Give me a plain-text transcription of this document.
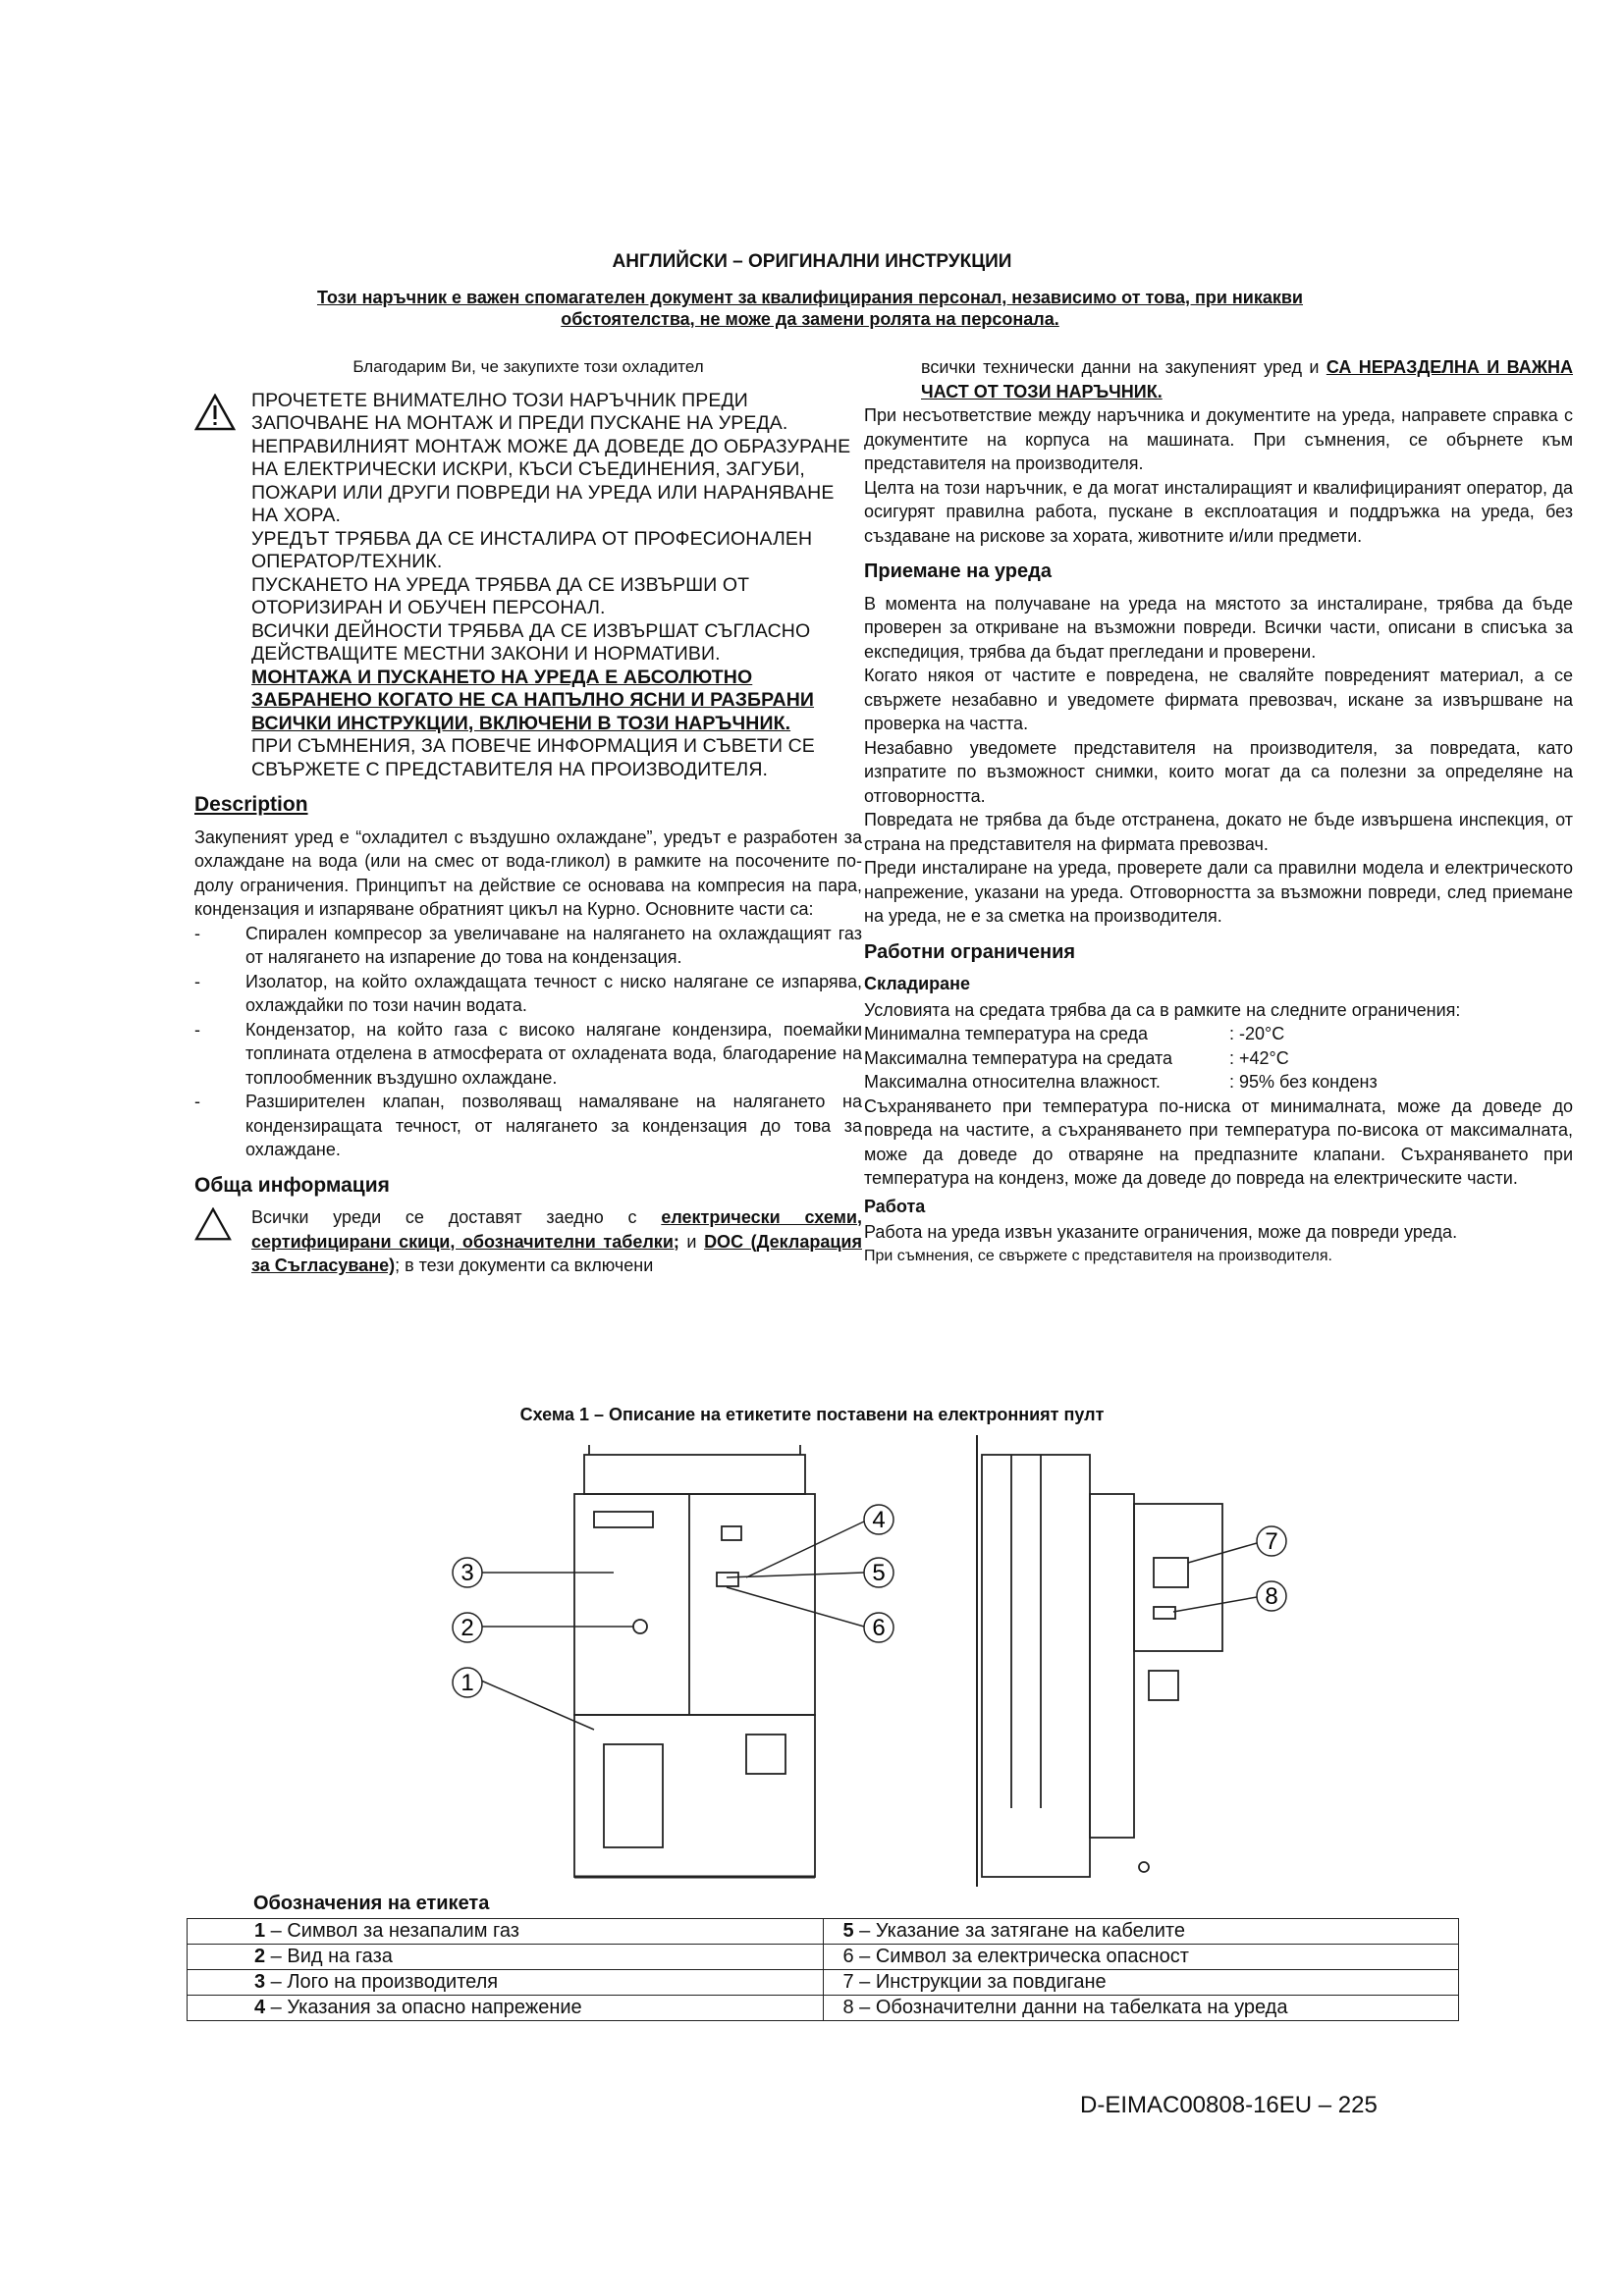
АНГЛИЙСКИ – ОРИГИНАЛНИ ИНСТРУКЦИИ
Този наръчник е важен спомагателен документ за квалифицирания персонал, независимо от това, при никакви
обстоятелства, не може да замени ролята на персонала.

Благодарим Ви, че закупихте този охладител

ПРОЧЕТЕТЕ ВНИМАТЕЛНО ТОЗИ НАРЪЧНИК ПРЕДИ ЗАПОЧВАНЕ НА МОНТАЖ И ПРЕДИ ПУСКАНЕ НА УРЕДА. НЕПРАВИЛНИЯТ МОНТАЖ МОЖЕ ДА ДОВЕДЕ ДО ОБРАЗУРАНЕ НА ЕЛЕКТРИЧЕСКИ ИСКРИ, КЪСИ СЪЕДИНЕНИЯ, ЗАГУБИ, ПОЖАРИ ИЛИ ДРУГИ ПОВРЕДИ НА УРЕДА ИЛИ НАРАНЯВАНЕ НА ХОРА.

УРЕДЪТ ТРЯБВА ДА СЕ ИНСТАЛИРА ОТ ПРОФЕСИОНАЛЕН ОПЕРАТОР/ТЕХНИК.

ПУСКАНЕТО НА УРЕДА ТРЯБВА ДА СЕ ИЗВЪРШИ ОТ ОТОРИЗИРАН И ОБУЧЕН ПЕРСОНАЛ.

ВСИЧКИ ДЕЙНОСТИ ТРЯБВА ДА СЕ ИЗВЪРШАТ СЪГЛАСНО ДЕЙСТВАЩИТЕ МЕСТНИ ЗАКОНИ И НОРМАТИВИ.

МОНТАЖА И ПУСКАНЕТО НА УРЕДА Е АБСОЛЮТНО ЗАБРАНЕНО КОГАТО НЕ СА НАПЪЛНО ЯСНИ И РАЗБРАНИ ВСИЧКИ ИНСТРУКЦИИ, ВКЛЮЧЕНИ В ТОЗИ НАРЪЧНИК.

ПРИ СЪМНЕНИЯ, ЗА ПОВЕЧЕ ИНФОРМАЦИЯ И СЪВЕТИ СЕ СВЪРЖЕТЕ С ПРЕДСТАВИТЕЛЯ НА ПРОИЗВОДИТЕЛЯ.

Description

Закупеният уред е “охладител с въздушно охлаждане”, уредът е разработен за охлаждане на вода (или на смес от вода-гликол) в рамките на посочените по-долу ограничения. Принципът на действие се основава на компресия на пара, кондензация и изпаряване обратният цикъл на Курно. Основните части са:

- Спирален компресор за увеличаване на налягането на охлаждащият газ от налягането на изпарение до това на кондензация.
- Изолатор, на който охлаждащата течност с ниско налягане се изпарява, охлаждайки по този начин водата.
- Кондензатор, на който газа с високо налягане кондензира, поемайки топлината отделена в атмосферата от охладената вода, благодарение на топлообменник въздушно охлаждане.
- Разширителен клапан, позволяващ намаляване на налягането на кондензиращата течност, от налягането за кондензация до това за охлаждане.
Обща информация
Всички уреди се доставят заедно с електрически схеми, сертифицирани скици, обозначителни табелки; и DOC (Декларация за Съгласуване); в тези документи са включени

всички технически данни на закупеният уред и СА НЕРАЗДЕЛНА И ВАЖНА ЧАСТ ОТ ТОЗИ НАРЪЧНИК.

При несъответствие между наръчника и документите на уреда, направете справка с документите на корпуса на машината. При съмнения, се обърнете към представителя на производителя.

Целта на този наръчник, е да могат инсталиращият и квалифицираният оператор, да осигурят правилна работа, пускане в експлоатация и поддръжка на уреда, без създаване на рискове за хората, животните и/или предмети.

Приемане на уреда

В момента на получаване на уреда на мястото за инсталиране, трябва да бъде проверен за откриване на възможни повреди. Всички части, описани в списъка за експедиция, трябва да бъдат прегледани и проверени.

Когато някоя от частите е повредена, не сваляйте повреденият материал, а се свържете незабавно и уведомете фирмата превозвач, искане за извършване на проверка на частта.

Незабавно уведомете представителя на производителя, за повредата, като изпратите по възможност снимки, които могат да са полезни за определяне на отговорността.

Повредата не трябва да бъде отстранена, докато не бъде извършена инспекция, от страна на представителя на фирмата превозвач.

Преди инсталиране на уреда, проверете дали са правилни модела и електрическото напрежение, указани на уреда. Отговорността за възможни повреди, след приемане на уреда, не е за сметка на производителя.

Работни ограничения
Складиране

Условията на средата трябва да са в рамките на следните ограничения:

Минимална температура на среда	: -20°C
Максимална температура на средата	: +42°C
Максимална относителна влажност.	: 95% без конденз

Съхраняването при температура по-ниска от минималната, може да доведе до повреда на частите, а съхраняването при температура по-висока от максималната, може да доведе до отваряне на предпазните клапани. Съхраняването при температура на конденз, може да доведе до повреда на електрическите части.

Работа

Работа на уреда извън указаните ограничения, може да повреди уреда.

При съмнения, се свържете с представителя на производителя.

Схема 1 – Описание на етикетите поставени на електронният пулт
1
2
3
4
5
6
7
8
Обозначения на етикета
1 – Символ за незапалим газ	5 – Указание за затягане на кабелите
2 – Вид на газа	6 – Символ за електрическа опасност
3 – Лого на производителя	7 – Инструкции за повдигане
4 – Указания за опасно напрежение	8 – Обозначителни данни на табелката на уреда
D-EIMAC00808-16EU – 225
